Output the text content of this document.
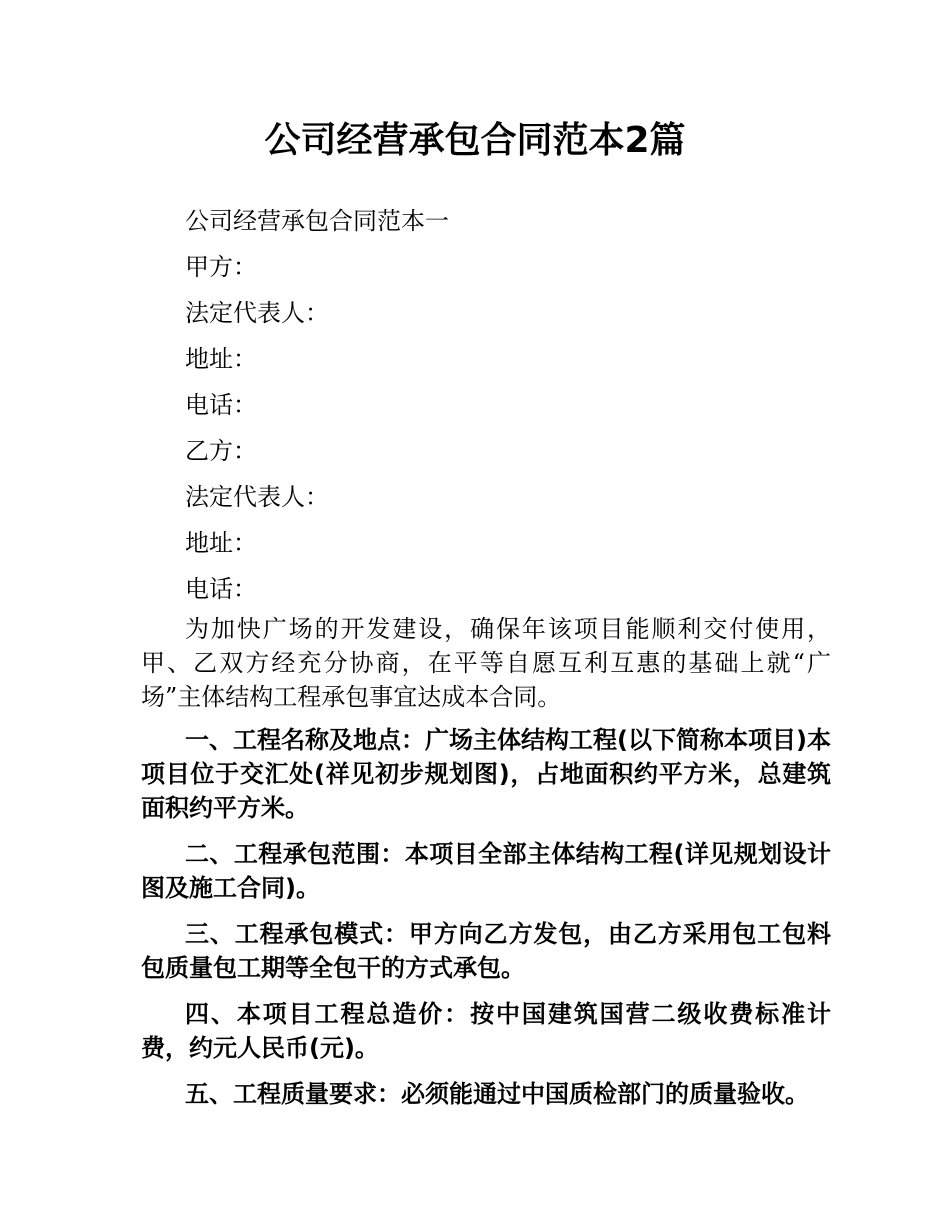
公司经营承包合同范本2篇

公司经营承包合同范本一

甲方：

法定代表人：

地址：

电话：

乙方：

法定代表人：

地址：

电话：

为加快广场的开发建设，确保年该项目能顺利交付使用，甲、乙双方经充分协商，在平等自愿互利互惠的基础上就“广场”主体结构工程承包事宜达成本合同。

一、工程名称及地点：广场主体结构工程(以下简称本项目)本项目位于交汇处(祥见初步规划图)，占地面积约平方米，总建筑面积约平方米。

二、工程承包范围：本项目全部主体结构工程(详见规划设计图及施工合同)。

三、工程承包模式：甲方向乙方发包，由乙方采用包工包料包质量包工期等全包干的方式承包。

四、本项目工程总造价：按中国建筑国营二级收费标准计费，约元人民币(元)。

五、工程质量要求：必须能通过中国质检部门的质量验收。
